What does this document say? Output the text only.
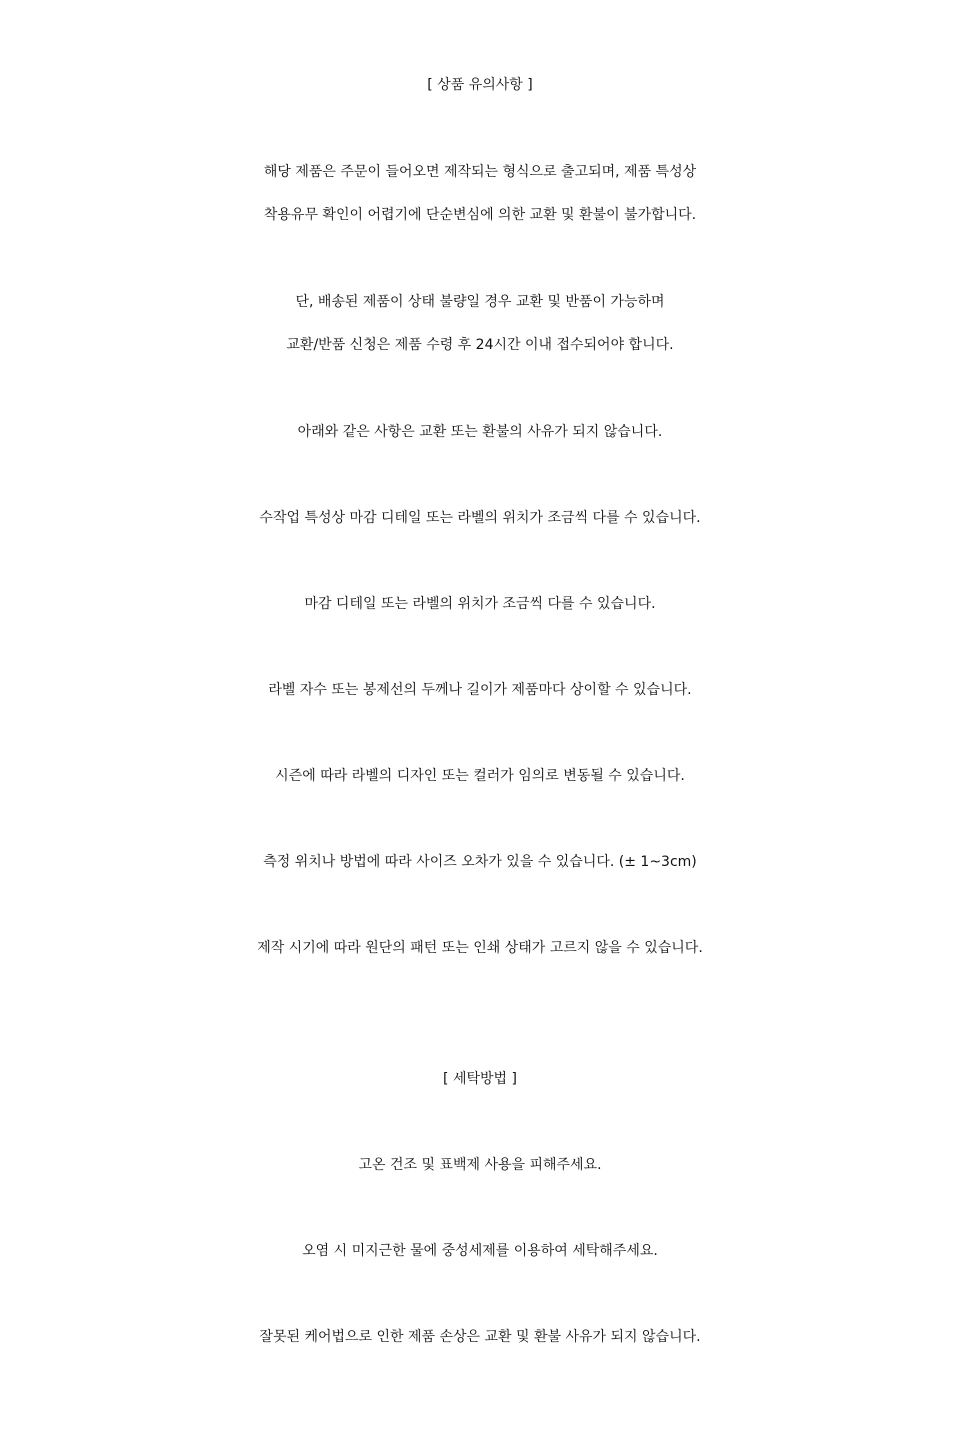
[ 상품 유의사항 ]
해당 제품은 주문이 들어오면 제작되는 형식으로 출고되며, 제품 특성상
착용유무 확인이 어렵기에 단순변심에 의한 교환 및 환불이 불가합니다.
단, 배송된 제품이 상태 불량일 경우 교환 및 반품이 가능하며
교환/반품 신청은 제품 수령 후 24시간 이내 접수되어야 합니다.
아래와 같은 사항은 교환 또는 환불의 사유가 되지 않습니다.
수작업 특성상 마감 디테일 또는 라벨의 위치가 조금씩 다를 수 있습니다.
마감 디테일 또는 라벨의 위치가 조금씩 다를 수 있습니다.
라벨 자수 또는 봉제선의 두께나 길이가 제품마다 상이할 수 있습니다.
시즌에 따라 라벨의 디자인 또는 컬러가 임의로 변동될 수 있습니다.
측정 위치나 방법에 따라 사이즈 오차가 있을 수 있습니다. (± 1~3cm)
제작 시기에 따라 원단의 패턴 또는 인쇄 상태가 고르지 않을 수 있습니다.
[ 세탁방법 ]
고온 건조 및 표백제 사용을 피해주세요.
오염 시 미지근한 물에 중성세제를 이용하여 세탁해주세요.
잘못된 케어법으로 인한 제품 손상은 교환 및 환불 사유가 되지 않습니다.
